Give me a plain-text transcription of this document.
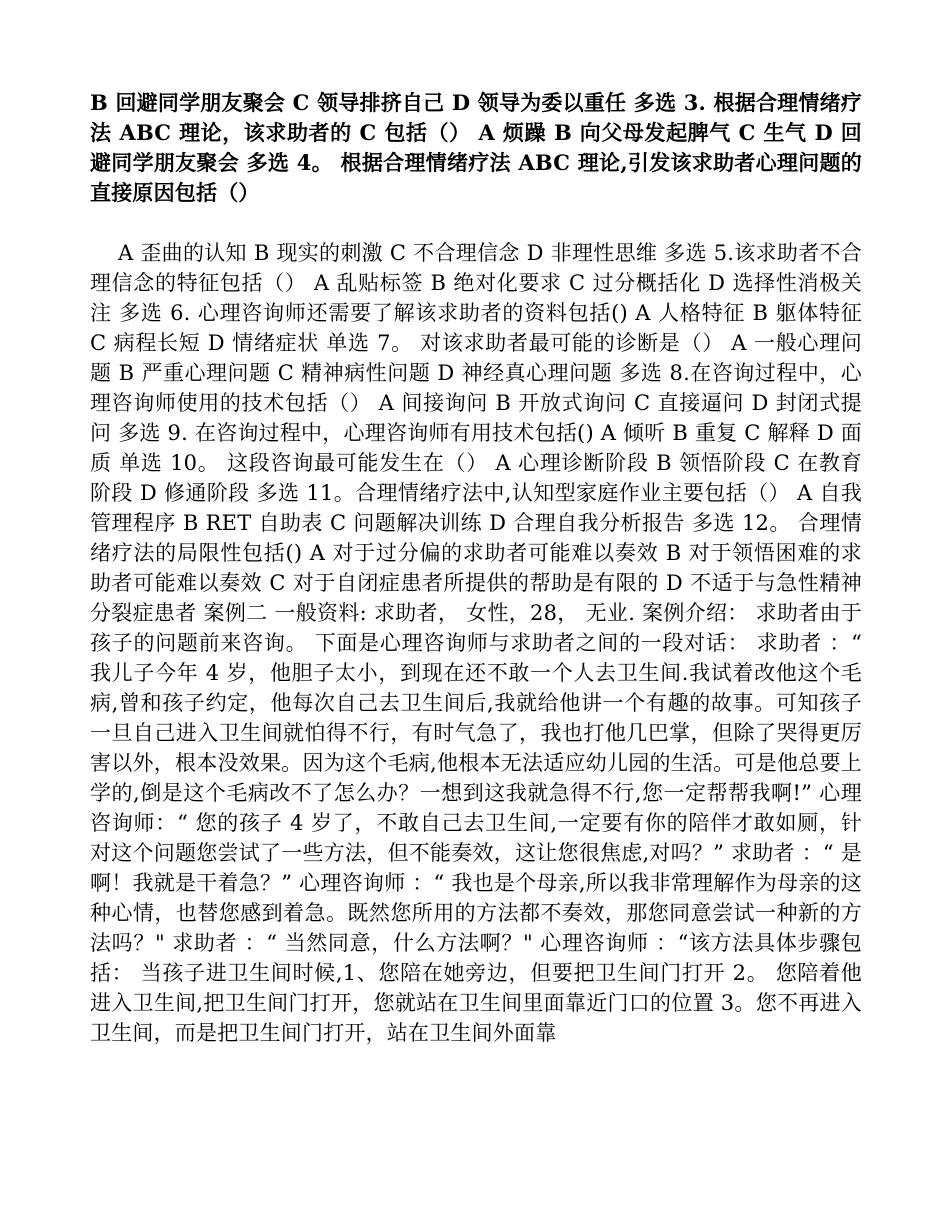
B 回避同学朋友聚会 C 领导排挤自己 D 领导为委以重任 多选 3. 根据合理情绪疗法 ABC 理论，该求助者的 C 包括（） A 烦躁 B 向父母发起脾气 C 生气 D 回避同学朋友聚会 多选 4。 根据合理情绪疗法 ABC 理论,引发该求助者心理问题的直接原因包括（）

A 歪曲的认知 B 现实的刺激 C 不合理信念 D 非理性思维 多选 5.该求助者不合理信念的特征包括（） A 乱贴标签 B 绝对化要求 C 过分概括化 D 选择性消极关注 多选 6. 心理咨询师还需要了解该求助者的资料包括() A 人格特征 B 躯体特征 C 病程长短 D 情绪症状 单选 7。 对该求助者最可能的诊断是（） A 一般心理问题 B 严重心理问题 C 精神病性问题 D 神经真心理问题 多选 8.在咨询过程中，心理咨询师使用的技术包括（） A 间接询问 B 开放式询问 C 直接逼问 D 封闭式提问 多选 9. 在咨询过程中，心理咨询师有用技术包括() A 倾听 B 重复 C 解释 D 面质 单选 10。 这段咨询最可能发生在（） A 心理诊断阶段 B 领悟阶段 C 在教育阶段 D 修通阶段 多选 11。合理情绪疗法中,认知型家庭作业主要包括（） A 自我管理程序 B RET 自助表 C 问题解决训练 D 合理自我分析报告 多选 12。 合理情绪疗法的局限性包括() A 对于过分偏的求助者可能难以奏效 B 对于领悟困难的求助者可能难以奏效 C 对于自闭症患者所提供的帮助是有限的 D 不适于与急性精神分裂症患者 案例二 一般资料: 求助者， 女性，28， 无业. 案例介绍： 求助者由于孩子的问题前来咨询。 下面是心理咨询师与求助者之间的一段对话： 求助者 ：“ 我儿子今年 4 岁，他胆子太小，到现在还不敢一个人去卫生间.我试着改他这个毛病,曾和孩子约定，他每次自己去卫生间后,我就给他讲一个有趣的故事。可知孩子一旦自己进入卫生间就怕得不行，有时气急了，我也打他几巴掌，但除了哭得更厉害以外，根本没效果。因为这个毛病,他根本无法适应幼儿园的生活。可是他总要上学的,倒是这个毛病改不了怎么办？一想到这我就急得不行,您一定帮帮我啊!” 心理咨询师：“ 您的孩子 4 岁了，不敢自己去卫生间,一定要有你的陪伴才敢如厕，针对这个问题您尝试了一些方法，但不能奏效，这让您很焦虑,对吗？” 求助者 ：“ 是啊！我就是干着急？” 心理咨询师 ：“ 我也是个母亲,所以我非常理解作为母亲的这种心情，也替您感到着急。既然您所用的方法都不奏效，那您同意尝试一种新的方法吗？" 求助者 ：“ 当然同意，什么方法啊？" 心理咨询师 ：“该方法具体步骤包括： 当孩子进卫生间时候,1、您陪在她旁边，但要把卫生间门打开 2。 您陪着他进入卫生间,把卫生间门打开，您就站在卫生间里面靠近门口的位置 3。您不再进入卫生间，而是把卫生间门打开，站在卫生间外面靠
